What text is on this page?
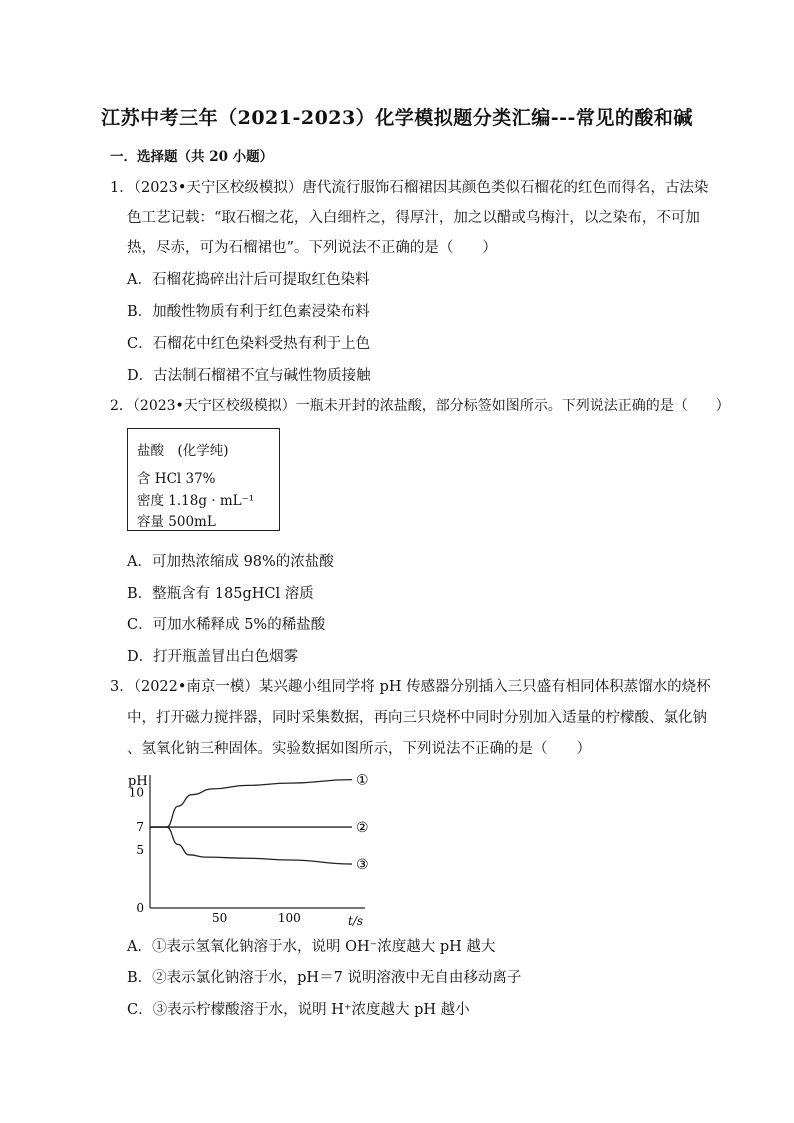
江苏中考三年（2021-2023）化学模拟题分类汇编---常见的酸和碱
一．选择题（共 20 小题）
1．（2023•天宁区校级模拟）唐代流行服饰石榴裙因其颜色类似石榴花的红色而得名，古法染
色工艺记载：“取石榴之花，入白细杵之，得厚汁，加之以醋或乌梅汁，以之染布，不可加
热，尽赤，可为石榴裙也”。下列说法不正确的是（　　）
A．石榴花捣碎出汁后可提取红色染料
B．加酸性物质有利于红色素浸染布料
C．石榴花中红色染料受热有利于上色
D．古法制石榴裙不宜与碱性物质接触
2．（2023•天宁区校级模拟）一瓶未开封的浓盐酸，部分标签如图所示。下列说法正确的是（　　）
盐酸　(化学纯)
含 HCl 37%
密度 1.18g · mL⁻¹
容量 500mL
A．可加热浓缩成 98%的浓盐酸
B．整瓶含有 185gHCl 溶质
C．可加水稀释成 5%的稀盐酸
D．打开瓶盖冒出白色烟雾
3．（2022•南京一模）某兴趣小组同学将 pH 传感器分别插入三只盛有相同体积蒸馏水的烧杯
中，打开磁力搅拌器，同时采集数据，再向三只烧杯中同时分别加入适量的柠檬酸、氯化钠
、氢氧化钠三种固体。实验数据如图所示，下列说法不正确的是（　　）
pH
t/s
0
5
7
10
50	100
①
②
③
A．①表示氢氧化钠溶于水，说明 OH⁻浓度越大 pH 越大
B．②表示氯化钠溶于水，pH＝7 说明溶液中无自由移动离子
C．③表示柠檬酸溶于水，说明 H⁺浓度越大 pH 越小
